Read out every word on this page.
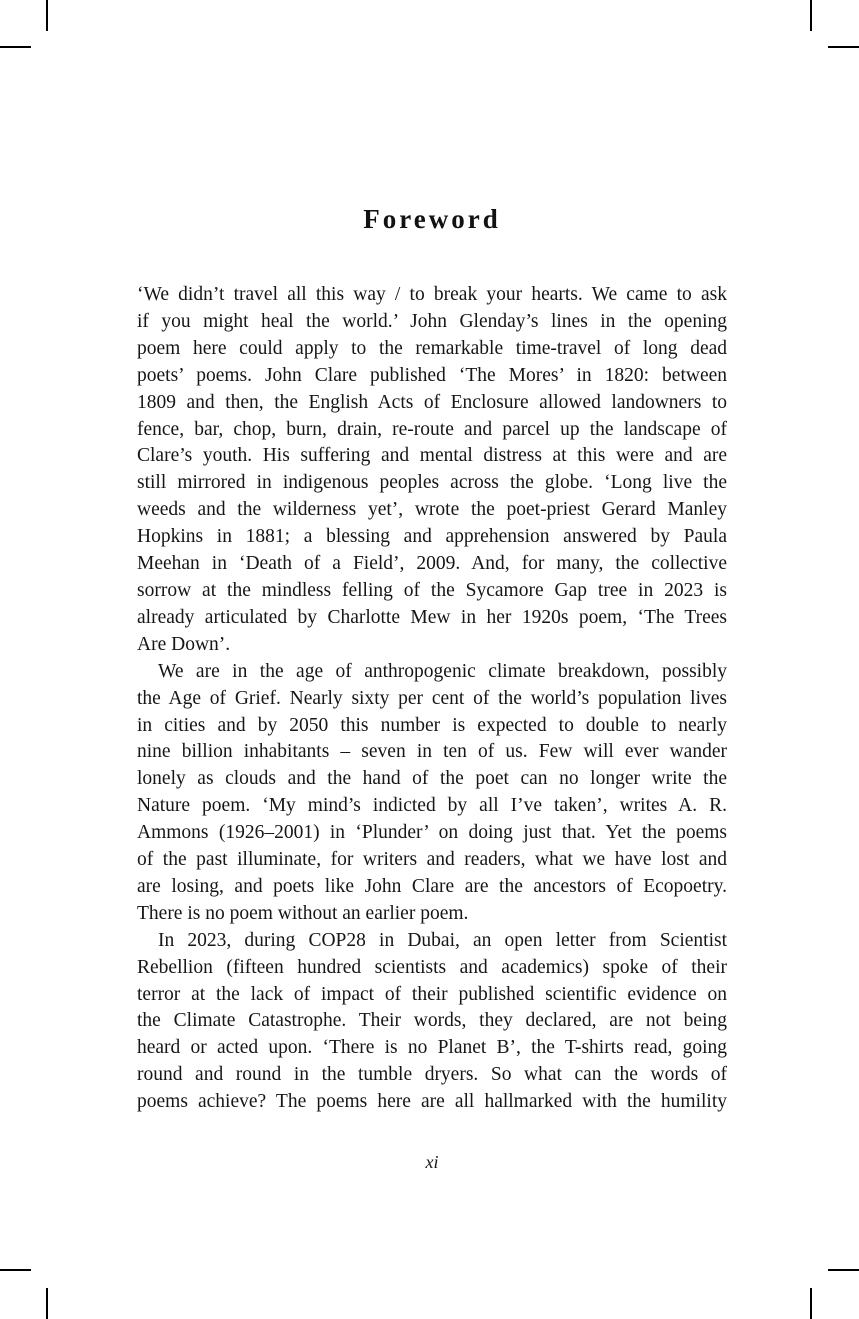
Foreword
‘We didn’t travel all this way / to break your hearts. We came to ask
if you might heal the world.’ John Glenday’s lines in the opening
poem here could apply to the remarkable time-travel of long dead
poets’ poems. John Clare published ‘The Mores’ in 1820: between
1809 and then, the English Acts of Enclosure allowed landowners to
fence, bar, chop, burn, drain, re-route and parcel up the landscape of
Clare’s youth. His suffering and mental distress at this were and are
still mirrored in indigenous peoples across the globe. ‘Long live the
weeds and the wilderness yet’, wrote the poet-priest Gerard Manley
Hopkins in 1881; a blessing and apprehension answered by Paula
Meehan in ‘Death of a Field’, 2009. And, for many, the collective
sorrow at the mindless felling of the Sycamore Gap tree in 2023 is
already articulated by Charlotte Mew in her 1920s poem, ‘The Trees
Are Down’.
We are in the age of anthropogenic climate breakdown, possibly
the Age of Grief. Nearly sixty per cent of the world’s population lives
in cities and by 2050 this number is expected to double to nearly
nine billion inhabitants – seven in ten of us. Few will ever wander
lonely as clouds and the hand of the poet can no longer write the
Nature poem. ‘My mind’s indicted by all I’ve taken’, writes A. R.
Ammons (1926–2001) in ‘Plunder’ on doing just that. Yet the poems
of the past illuminate, for writers and readers, what we have lost and
are losing, and poets like John Clare are the ancestors of Ecopoetry.
There is no poem without an earlier poem.
In 2023, during COP28 in Dubai, an open letter from Scientist
Rebellion (fifteen hundred scientists and academics) spoke of their
terror at the lack of impact of their published scientific evidence on
the Climate Catastrophe. Their words, they declared, are not being
heard or acted upon. ‘There is no Planet B’, the T-shirts read, going
round and round in the tumble dryers. So what can the words of
poems achieve? The poems here are all hallmarked with the humility
xi
